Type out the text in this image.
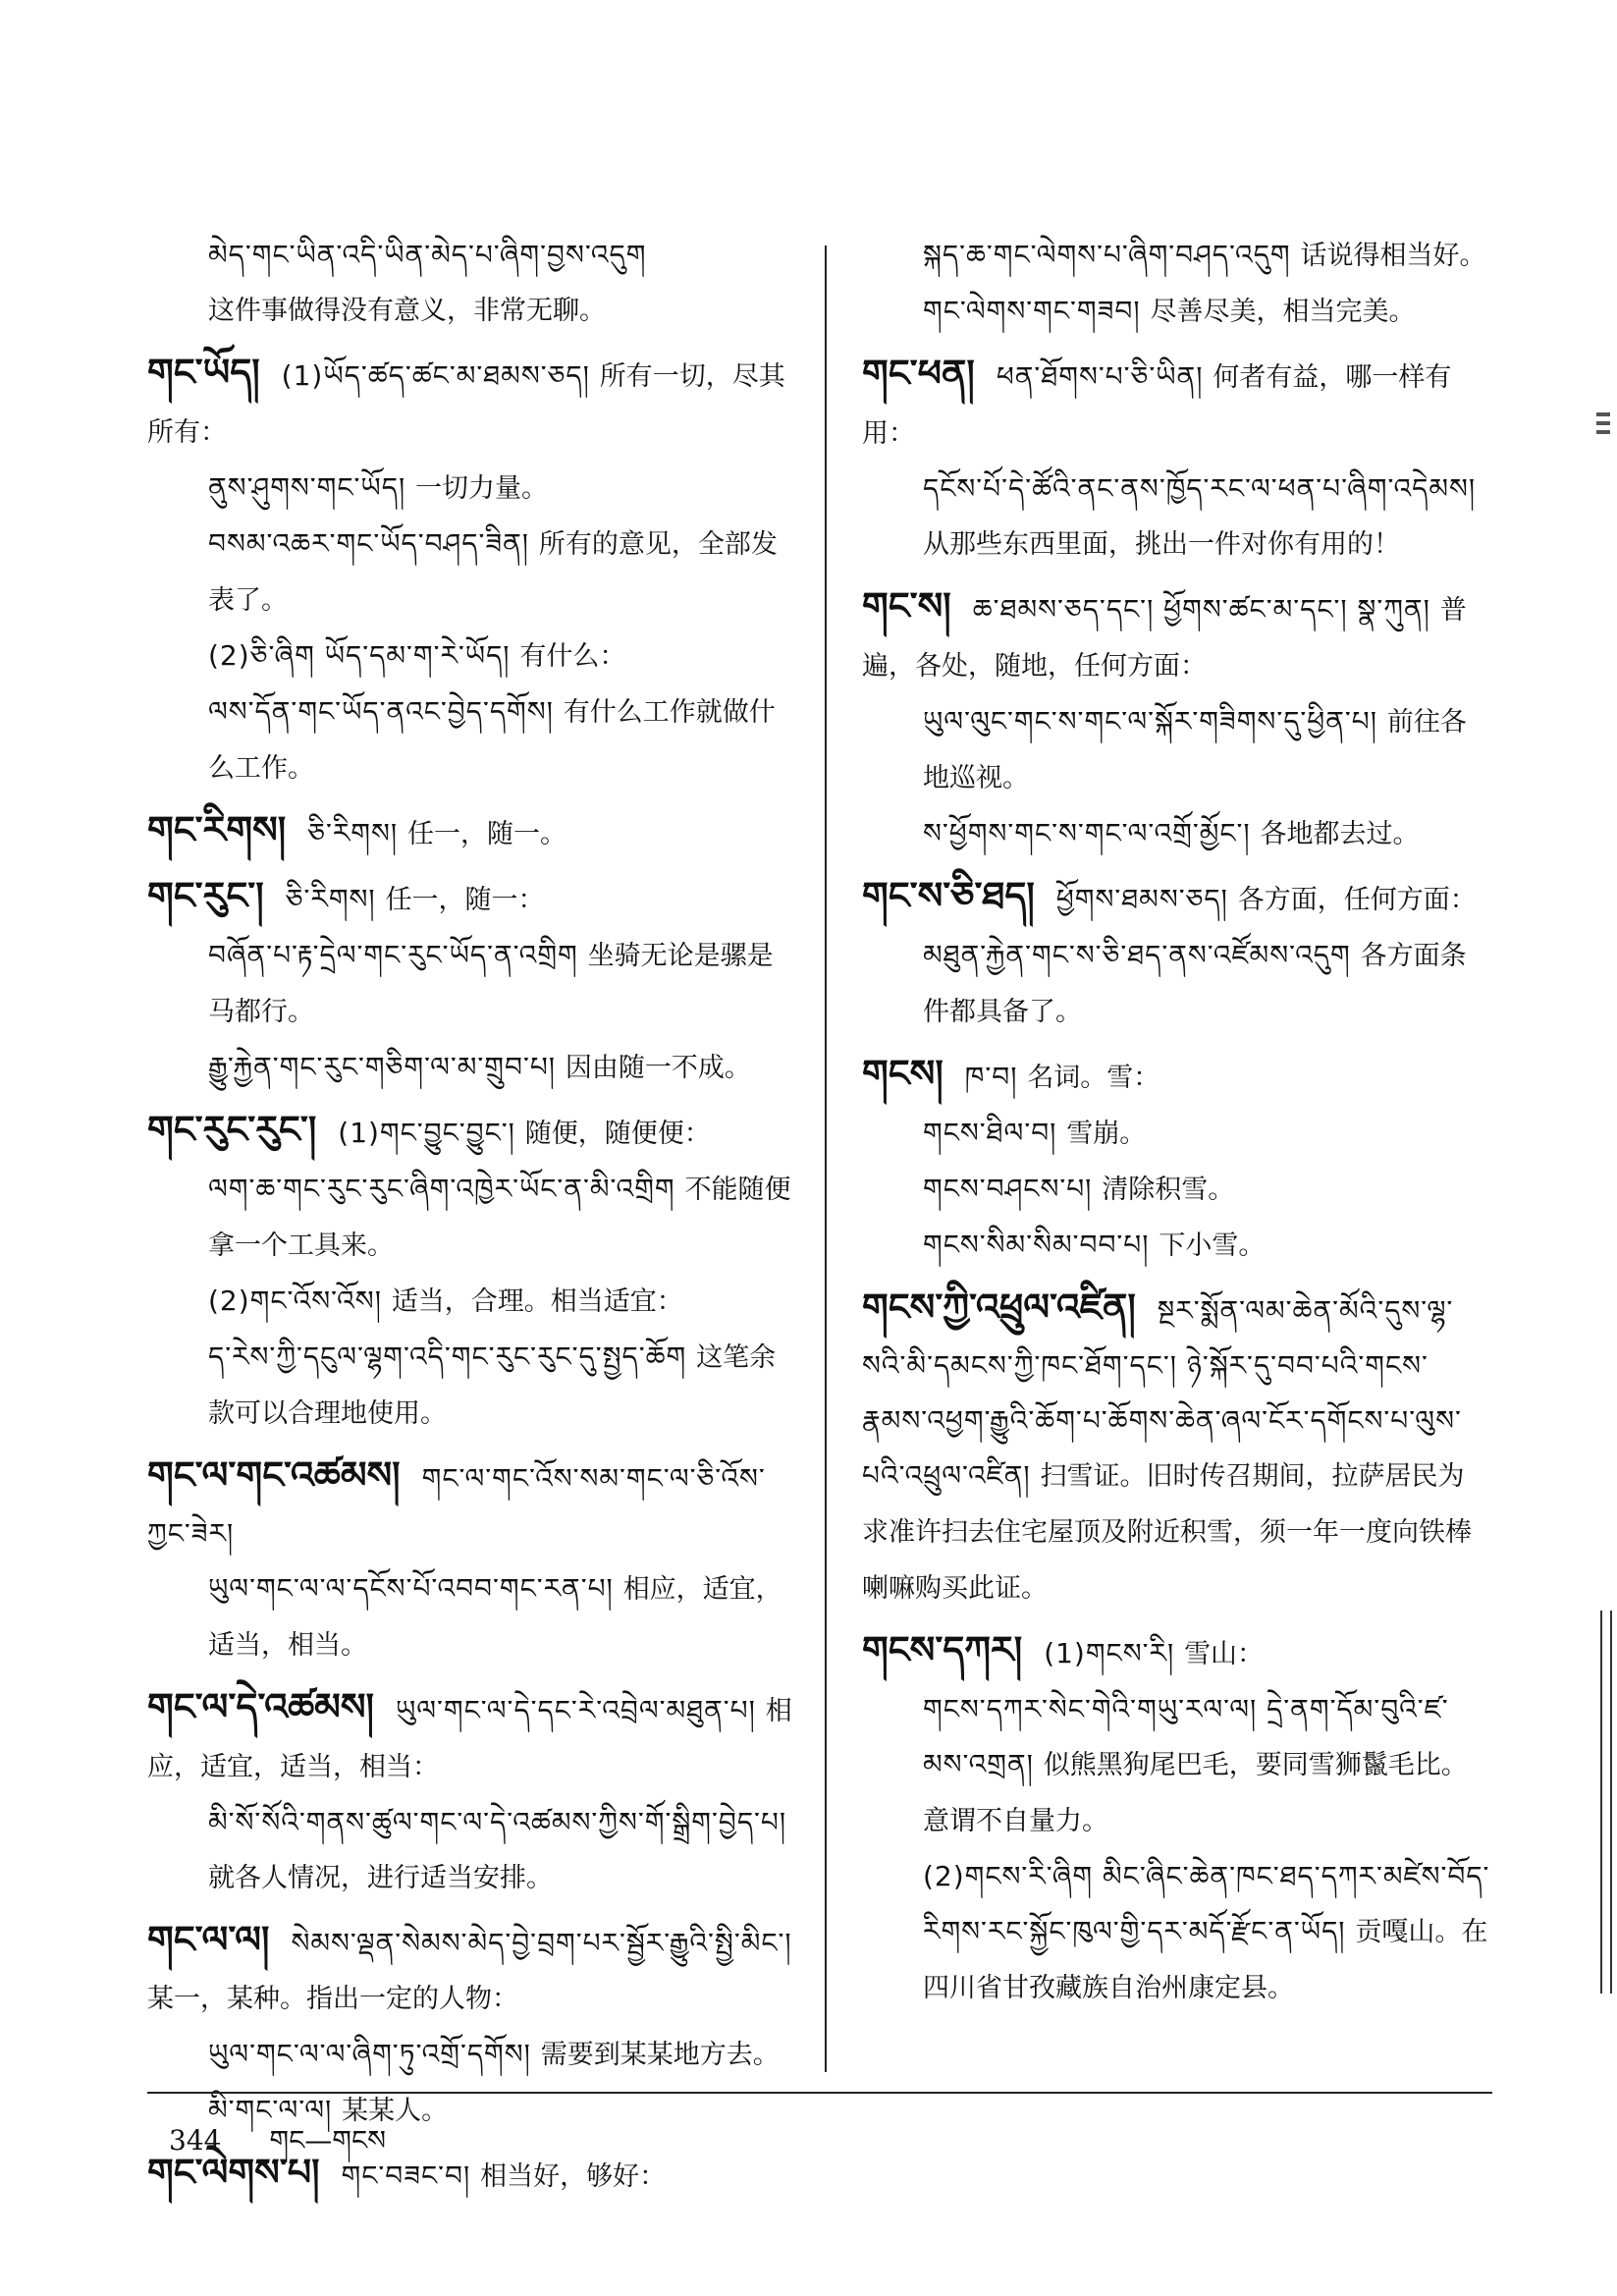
མེད་གང་ཡིན་འདི་ཡིན་མེད་པ་ཞིག་བྱས་འདུག
这件事做得没有意义，非常无聊。
གང་ཡོད། (1)ཡོད་ཚད་ཚང་མ་ཐམས་ཅད། 所有一切，尽其所有：
ནུས་ཤུགས་གང་ཡོད། 一切力量。
བསམ་འཆར་གང་ཡོད་བཤད་ཟིན། 所有的意见，全部发表了。
(2)ཅི་ཞིག ཡོད་དམ་ག་རེ་ཡོད། 有什么：
ལས་དོན་གང་ཡོད་ནའང་བྱེད་དགོས། 有什么工作就做什么工作。
གང་རིགས། ཅི་རིགས། 任一，随一。
གང་རུང་། ཅི་རིགས། 任一，随一：
བཞོན་པ་རྟ་དྲེལ་གང་རུང་ཡོད་ན་འགྲིག 坐骑无论是骡是马都行。
རྒྱུ་རྐྱེན་གང་རུང་གཅིག་ལ་མ་གྲུབ་པ། 因由随一不成。
གང་རུང་རུང་། (1)གང་བྱུང་བྱུང་། 随便，随便便：
ལག་ཆ་གང་རུང་རུང་ཞིག་འཁྱེར་ཡོང་ན་མི་འགྲིག 不能随便拿一个工具来。
(2)གང་འོས་འོས། 适当，合理。相当适宜：
ད་རེས་ཀྱི་དངུལ་ལྷག་འདི་གང་རུང་རུང་དུ་སྤྱད་ཆོག 这笔余款可以合理地使用。
གང་ལ་གང་འཚམས། གང་ལ་གང་འོས་སམ་གང་ལ་ཅི་འོས་ཀྱང་ཟེར།
ཡུལ་གང་ལ་ལ་དངོས་པོ་འབབ་གང་རན་པ། 相应，适宜，适当，相当。
གང་ལ་དེ་འཚམས། ཡུལ་གང་ལ་དེ་དང་རེ་འབྲེལ་མཐུན་པ། 相应，适宜，适当，相当：
མི་སོ་སོའི་གནས་ཚུལ་གང་ལ་དེ་འཚམས་ཀྱིས་གོ་སྒྲིག་བྱེད་པ། 就各人情况，进行适当安排。
གང་ལ་ལ། སེམས་ལྡན་སེམས་མེད་བྱེ་བྲག་པར་སྦྱོར་རྒྱུའི་སྤྱི་མིང་། 某一，某种。指出一定的人物：
ཡུལ་གང་ལ་ལ་ཞིག་ཏུ་འགྲོ་དགོས། 需要到某某地方去。
མི་གང་ལ་ལ། 某某人。
གང་ལེགས་པ། གང་བཟང་བ། 相当好，够好：
སྐད་ཆ་གང་ལེགས་པ་ཞིག་བཤད་འདུག 话说得相当好。
གང་ལེགས་གང་གཟབ། 尽善尽美，相当完美。
གང་ཕན། ཕན་ཐོགས་པ་ཅི་ཡིན། 何者有益，哪一样有用：
དངོས་པོ་དེ་ཚོའི་ནང་ནས་ཁྱོད་རང་ལ་ཕན་པ་ཞིག་འདེམས། 从那些东西里面，挑出一件对你有用的！
གང་ས། ཆ་ཐམས་ཅད་དང་། ཕྱོགས་ཚང་མ་དང་། སྣ་ཀུན། 普遍，各处，随地，任何方面：
ཡུལ་ལུང་གང་ས་གང་ལ་སྐོར་གཟིགས་དུ་ཕྱིན་པ། 前往各地巡视。
ས་ཕྱོགས་གང་ས་གང་ལ་འགྲོ་མྱོང་། 各地都去过。
གང་ས་ཅི་ཐད། ཕྱོགས་ཐམས་ཅད། 各方面，任何方面：
མཐུན་རྐྱེན་གང་ས་ཅི་ཐད་ནས་འཛོམས་འདུག 各方面条件都具备了。
གངས། ཁ་བ། 名词。雪：
གངས་ཐིལ་བ། 雪崩。
གངས་བཤངས་པ། 清除积雪。
གངས་སིམ་སིམ་བབ་པ། 下小雪。
གངས་ཀྱི་འཕྲུལ་འཛིན། སྔར་སྨོན་ལམ་ཆེན་མོའི་དུས་ལྷ་སའི་མི་དམངས་ཀྱི་ཁང་ཐོག་དང་། ཉེ་སྐོར་དུ་བབ་པའི་གངས་རྣམས་འཕྱག་རྒྱུའི་ཆོག་པ་ཆོགས་ཆེན་ཞལ་ངོར་དགོངས་པ་ལུས་པའི་འཕྲུལ་འཛིན། 扫雪证。旧时传召期间，拉萨居民为求准许扫去住宅屋顶及附近积雪，须一年一度向铁棒喇嘛购买此证。
གངས་དཀར། (1)གངས་རི། 雪山：
གངས་དཀར་སེང་གེའི་གཡུ་རལ་ལ། དྲེ་ནག་དོམ་བུའི་ཛ་མས་འགྲན། 似熊黑狗尾巴毛，要同雪狮鬣毛比。意谓不自量力。
(2)གངས་རི་ཞིག མིང་ཞིང་ཆེན་ཁང་ཐད་དཀར་མཛེས་བོད་རིགས་རང་སྐྱོང་ཁུལ་གྱི་དར་མདོ་རྫོང་ན་ཡོད། 贡嘎山。在四川省甘孜藏族自治州康定县。
344 གང—གངས
